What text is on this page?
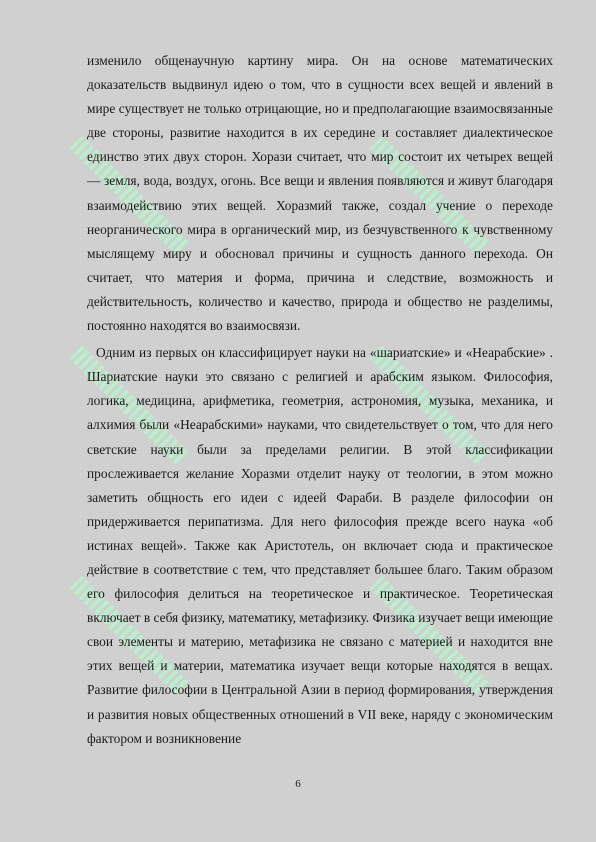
изменило общенаучную картину мира. Он на основе математических доказательств выдвинул идею о том, что в сущности всех вещей и явлений в мире существует не только отрицающие, но и предполагающие взаимосвязанные две стороны, развитие находится в их середине и составляет диалектическое единство этих двух сторон. Хорази считает, что мир состоит их четырех вещей — земля, вода, воздух, огонь. Все вещи и явления появляются и живут благодаря взаимодействию этих вещей. Хоразмий также, создал учение о переходе неорганического мира в органический мир, из безчувственного к чувственному мыслящему миру и обосновал причины и сущность данного перехода. Он считает, что материя и форма, причина и следствие, возможность и действительность, количество и качество, природа и общество не разделимы, постоянно находятся во взаимосвязи.

Одним из первых он классифицирует науки на «шариатские» и «Неарабские» . Шариатские науки это связано с религией и арабским языком. Философия, логика, медицина, арифметика, геометрия, астрономия, музыка, механика, и алхимия были «Неарабскими» науками, что свидетельствует о том, что для него светские науки были за пределами религии. В этой классификации прослеживается желание Хоразми отделит науку от теологии, в этом можно заметить общность его идеи с идеей Фараби. В разделе философии он придерживается перипатизма. Для него философия прежде всего наука «об истинах вещей». Также как Аристотель, он включает сюда и практическое действие в соответствие с тем, что представляет большее благо. Таким образом его философия делиться на теоретическое и практическое. Теоретическая включает в себя физику, математику, метафизику. Физика изучает вещи имеющие свои элементы и материю, метафизика не связано с материей и находится вне этих вещей и материи, математика изучает вещи которые находятся в вещах. Развитие философии в Центральной Азии в период формирования, утверждения и развития новых общественных отношений в VII веке, наряду с экономическим фактором и возникновение

6
